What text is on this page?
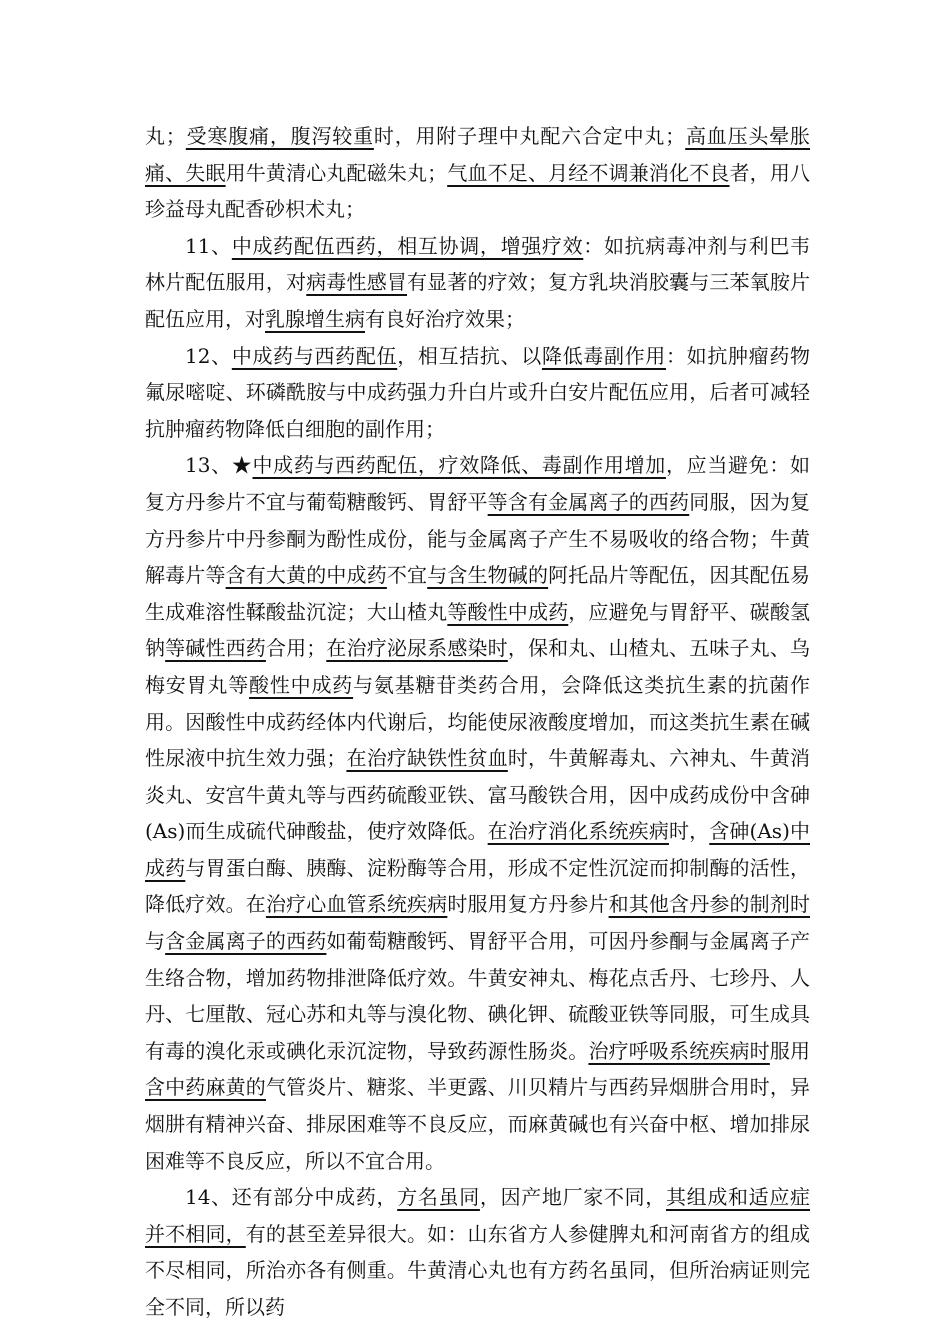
丸；受寒腹痛，腹泻较重时，用附子理中丸配六合定中丸；高血压头晕胀痛、失眠用牛黄清心丸配磁朱丸；气血不足、月经不调兼消化不良者，用八珍益母丸配香砂枳术丸；

11、中成药配伍西药，相互协调，增强疗效：如抗病毒冲剂与利巴韦林片配伍服用，对病毒性感冒有显著的疗效；复方乳块消胶囊与三苯氧胺片配伍应用，对乳腺增生病有良好治疗效果；

12、中成药与西药配伍，相互拮抗、以降低毒副作用：如抗肿瘤药物氟尿嘧啶、环磷酰胺与中成药强力升白片或升白安片配伍应用，后者可减轻抗肿瘤药物降低白细胞的副作用；

13、★中成药与西药配伍，疗效降低、毒副作用增加，应当避免：如复方丹参片不宜与葡萄糖酸钙、胃舒平等含有金属离子的西药同服，因为复方丹参片中丹参酮为酚性成份，能与金属离子产生不易吸收的络合物；牛黄解毒片等含有大黄的中成药不宜与含生物碱的阿托品片等配伍，因其配伍易生成难溶性鞣酸盐沉淀；大山楂丸等酸性中成药，应避免与胃舒平、碳酸氢钠等碱性西药合用；在治疗泌尿系感染时，保和丸、山楂丸、五味子丸、乌梅安胃丸等酸性中成药与氨基糖苷类药合用，会降低这类抗生素的抗菌作用。因酸性中成药经体内代谢后，均能使尿液酸度增加，而这类抗生素在碱性尿液中抗生效力强；在治疗缺铁性贫血时，牛黄解毒丸、六神丸、牛黄消炎丸、安宫牛黄丸等与西药硫酸亚铁、富马酸铁合用，因中成药成份中含砷(As)而生成硫代砷酸盐，使疗效降低。在治疗消化系统疾病时，含砷(As)中成药与胃蛋白酶、胰酶、淀粉酶等合用，形成不定性沉淀而抑制酶的活性，降低疗效。在治疗心血管系统疾病时服用复方丹参片和其他含丹参的制剂时与含金属离子的西药如葡萄糖酸钙、胃舒平合用，可因丹参酮与金属离子产生络合物，增加药物排泄降低疗效。牛黄安神丸、梅花点舌丹、七珍丹、人丹、七厘散、冠心苏和丸等与溴化物、碘化钾、硫酸亚铁等同服，可生成具有毒的溴化汞或碘化汞沉淀物，导致药源性肠炎。治疗呼吸系统疾病时服用含中药麻黄的气管炎片、糖浆、半更露、川贝精片与西药异烟肼合用时，异烟肼有精神兴奋、排尿困难等不良反应，而麻黄碱也有兴奋中枢、增加排尿困难等不良反应，所以不宜合用。

14、还有部分中成药，方名虽同，因产地厂家不同，其组成和适应症并不相同，有的甚至差异很大。如：山东省方人参健脾丸和河南省方的组成不尽相同，所治亦各有侧重。牛黄清心丸也有方药名虽同，但所治病证则完全不同，所以药
